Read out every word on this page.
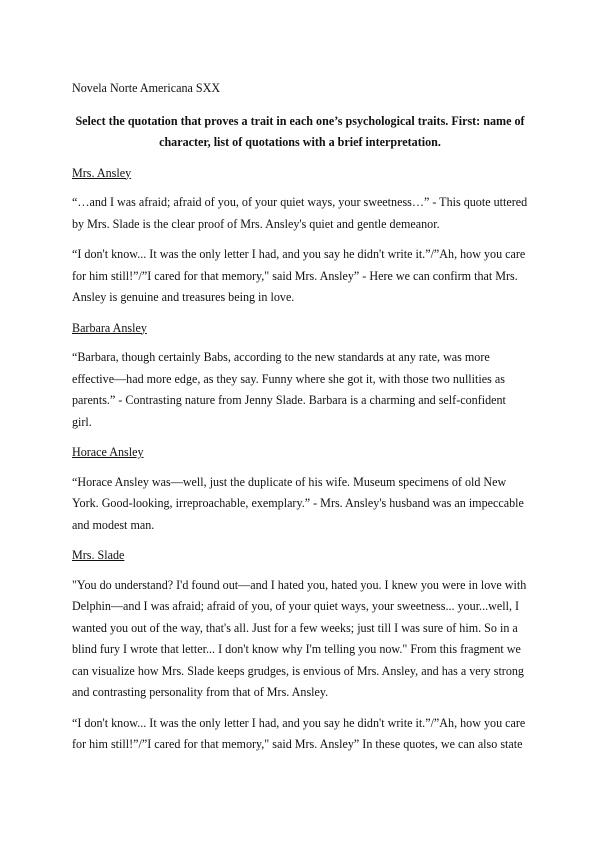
Novela Norte Americana SXX

Select the quotation that proves a trait in each one’s psychological traits. First: name of character, list of quotations with a brief interpretation.

Mrs. Ansley

“…and I was afraid; afraid of you, of your quiet ways, your sweetness…” - This quote uttered by Mrs. Slade is the clear proof of Mrs. Ansley's quiet and gentle demeanor.

“I don't know... It was the only letter I had, and you say he didn't write it.”/”Ah, how you care for him still!”/”I cared for that memory," said Mrs. Ansley” - Here we can confirm that Mrs. Ansley is genuine and treasures being in love.

Barbara Ansley

“Barbara, though certainly Babs, according to the new standards at any rate, was more effective—had more edge, as they say. Funny where she got it, with those two nullities as parents.” - Contrasting nature from Jenny Slade. Barbara is a charming and self-confident girl.

Horace Ansley

“Horace Ansley was—well, just the duplicate of his wife. Museum specimens of old New York. Good-looking, irreproachable, exemplary.” - Mrs. Ansley's husband was an impeccable and modest man.

Mrs. Slade

"You do understand? I'd found out—and I hated you, hated you. I knew you were in love with Delphin—and I was afraid; afraid of you, of your quiet ways, your sweetness... your...well, I wanted you out of the way, that's all. Just for a few weeks; just till I was sure of him. So in a blind fury I wrote that letter... I don't know why I'm telling you now." From this fragment we can visualize how Mrs. Slade keeps grudges, is envious of Mrs. Ansley, and has a very strong and contrasting personality from that of Mrs. Ansley.

“I don't know... It was the only letter I had, and you say he didn't write it.”/”Ah, how you care for him still!”/”I cared for that memory," said Mrs. Ansley” In these quotes, we can also state
